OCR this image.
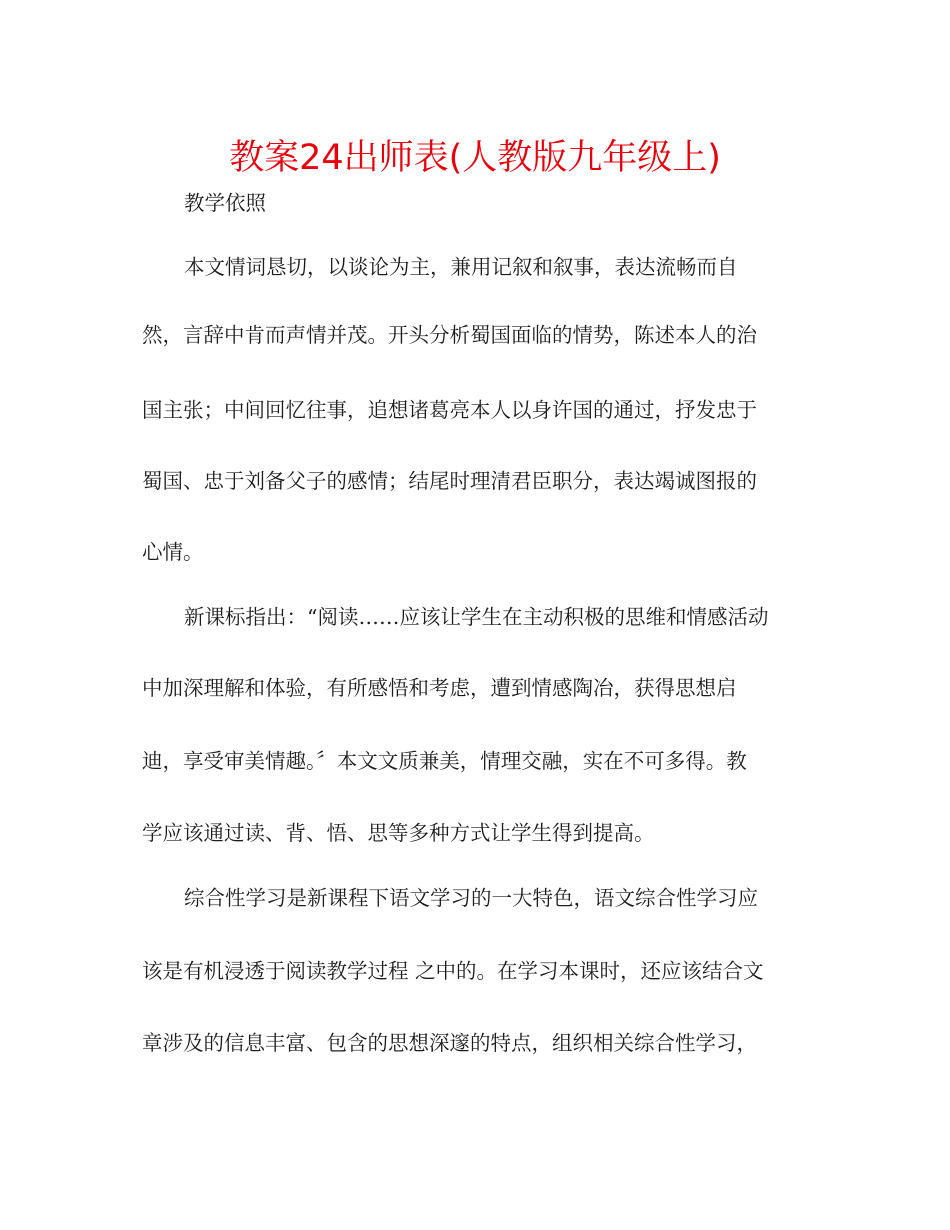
教案24出师表(人教版九年级上)
教学依照
本文情词恳切，以谈论为主，兼用记叙和叙事，表达流畅而自
然，言辞中肯而声情并茂。开头分析蜀国面临的情势，陈述本人的治
国主张；中间回忆往事，追想诸葛亮本人以身许国的通过，抒发忠于
蜀国、忠于刘备父子的感情；结尾时理清君臣职分，表达竭诚图报的
心情。
新课标指出：“阅读……应该让学生在主动积极的思维和情感活动
中加深理解和体验，有所感悟和考虑，遭到情感陶冶，获得思想启
迪，享受审美情趣。〞本文文质兼美，情理交融，实在不可多得。教
学应该通过读、背、悟、思等多种方式让学生得到提高。
综合性学习是新课程下语文学习的一大特色，语文综合性学习应
该是有机浸透于阅读教学过程 之中的。在学习本课时，还应该结合文
章涉及的信息丰富、包含的思想深邃的特点，组织相关综合性学习，
